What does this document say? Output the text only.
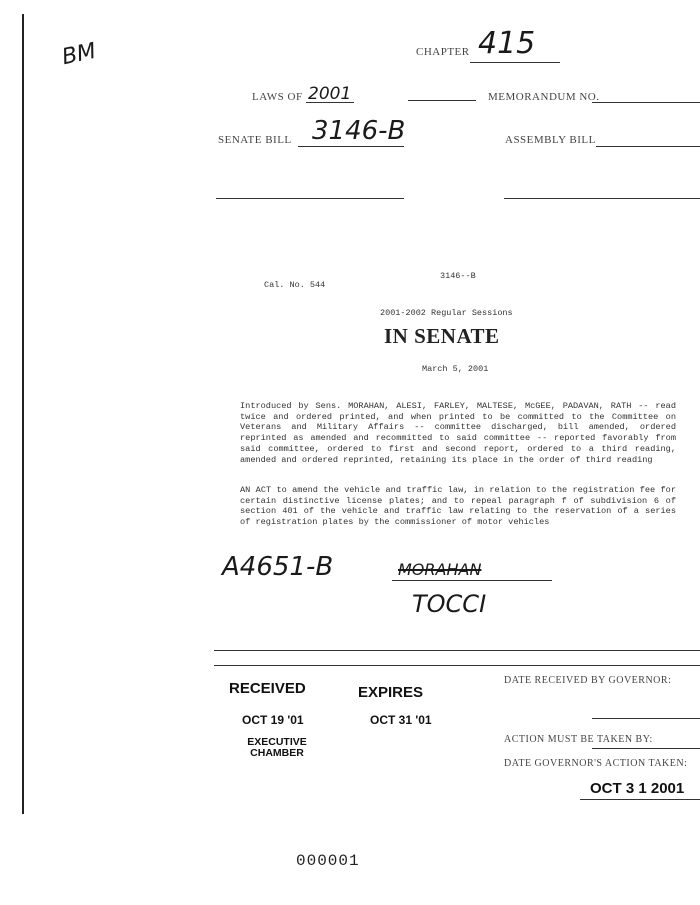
BM	CHAPTER 415
LAWS OF 2001	MEMORANDUM NO.
SENATE BILL 3146-B	ASSEMBLY BILL
3146--B
Cal. No. 544
2001-2002 Regular Sessions
IN SENATE
March 5, 2001
Introduced by Sens. MORAHAN, ALESI, FARLEY, MALTESE, McGEE, PADAVAN, RATH -- read twice and ordered printed, and when printed to be committed to the Committee on Veterans and Military Affairs -- committee discharged, bill amended, ordered reprinted as amended and recommitted to said committee -- reported favorably from said committee, ordered to first and second report, ordered to a third reading, amended and ordered reprinted, retaining its place in the order of third reading
AN ACT to amend the vehicle and traffic law, in relation to the registration fee for certain distinctive license plates; and to repeal paragraph f of subdivision 6 of section 401 of the vehicle and traffic law relating to the reservation of a series of registration plates by the commissioner of motor vehicles
A4651-B	MORAHAN
TOCCI
RECEIVED	EXPIRES
OCT 19 '01	OCT 31 '01
EXECUTIVE CHAMBER
DATE RECEIVED BY GOVERNOR:
ACTION MUST BE TAKEN BY:
DATE GOVERNOR'S ACTION TAKEN:
OCT 3 1 2001
000001
